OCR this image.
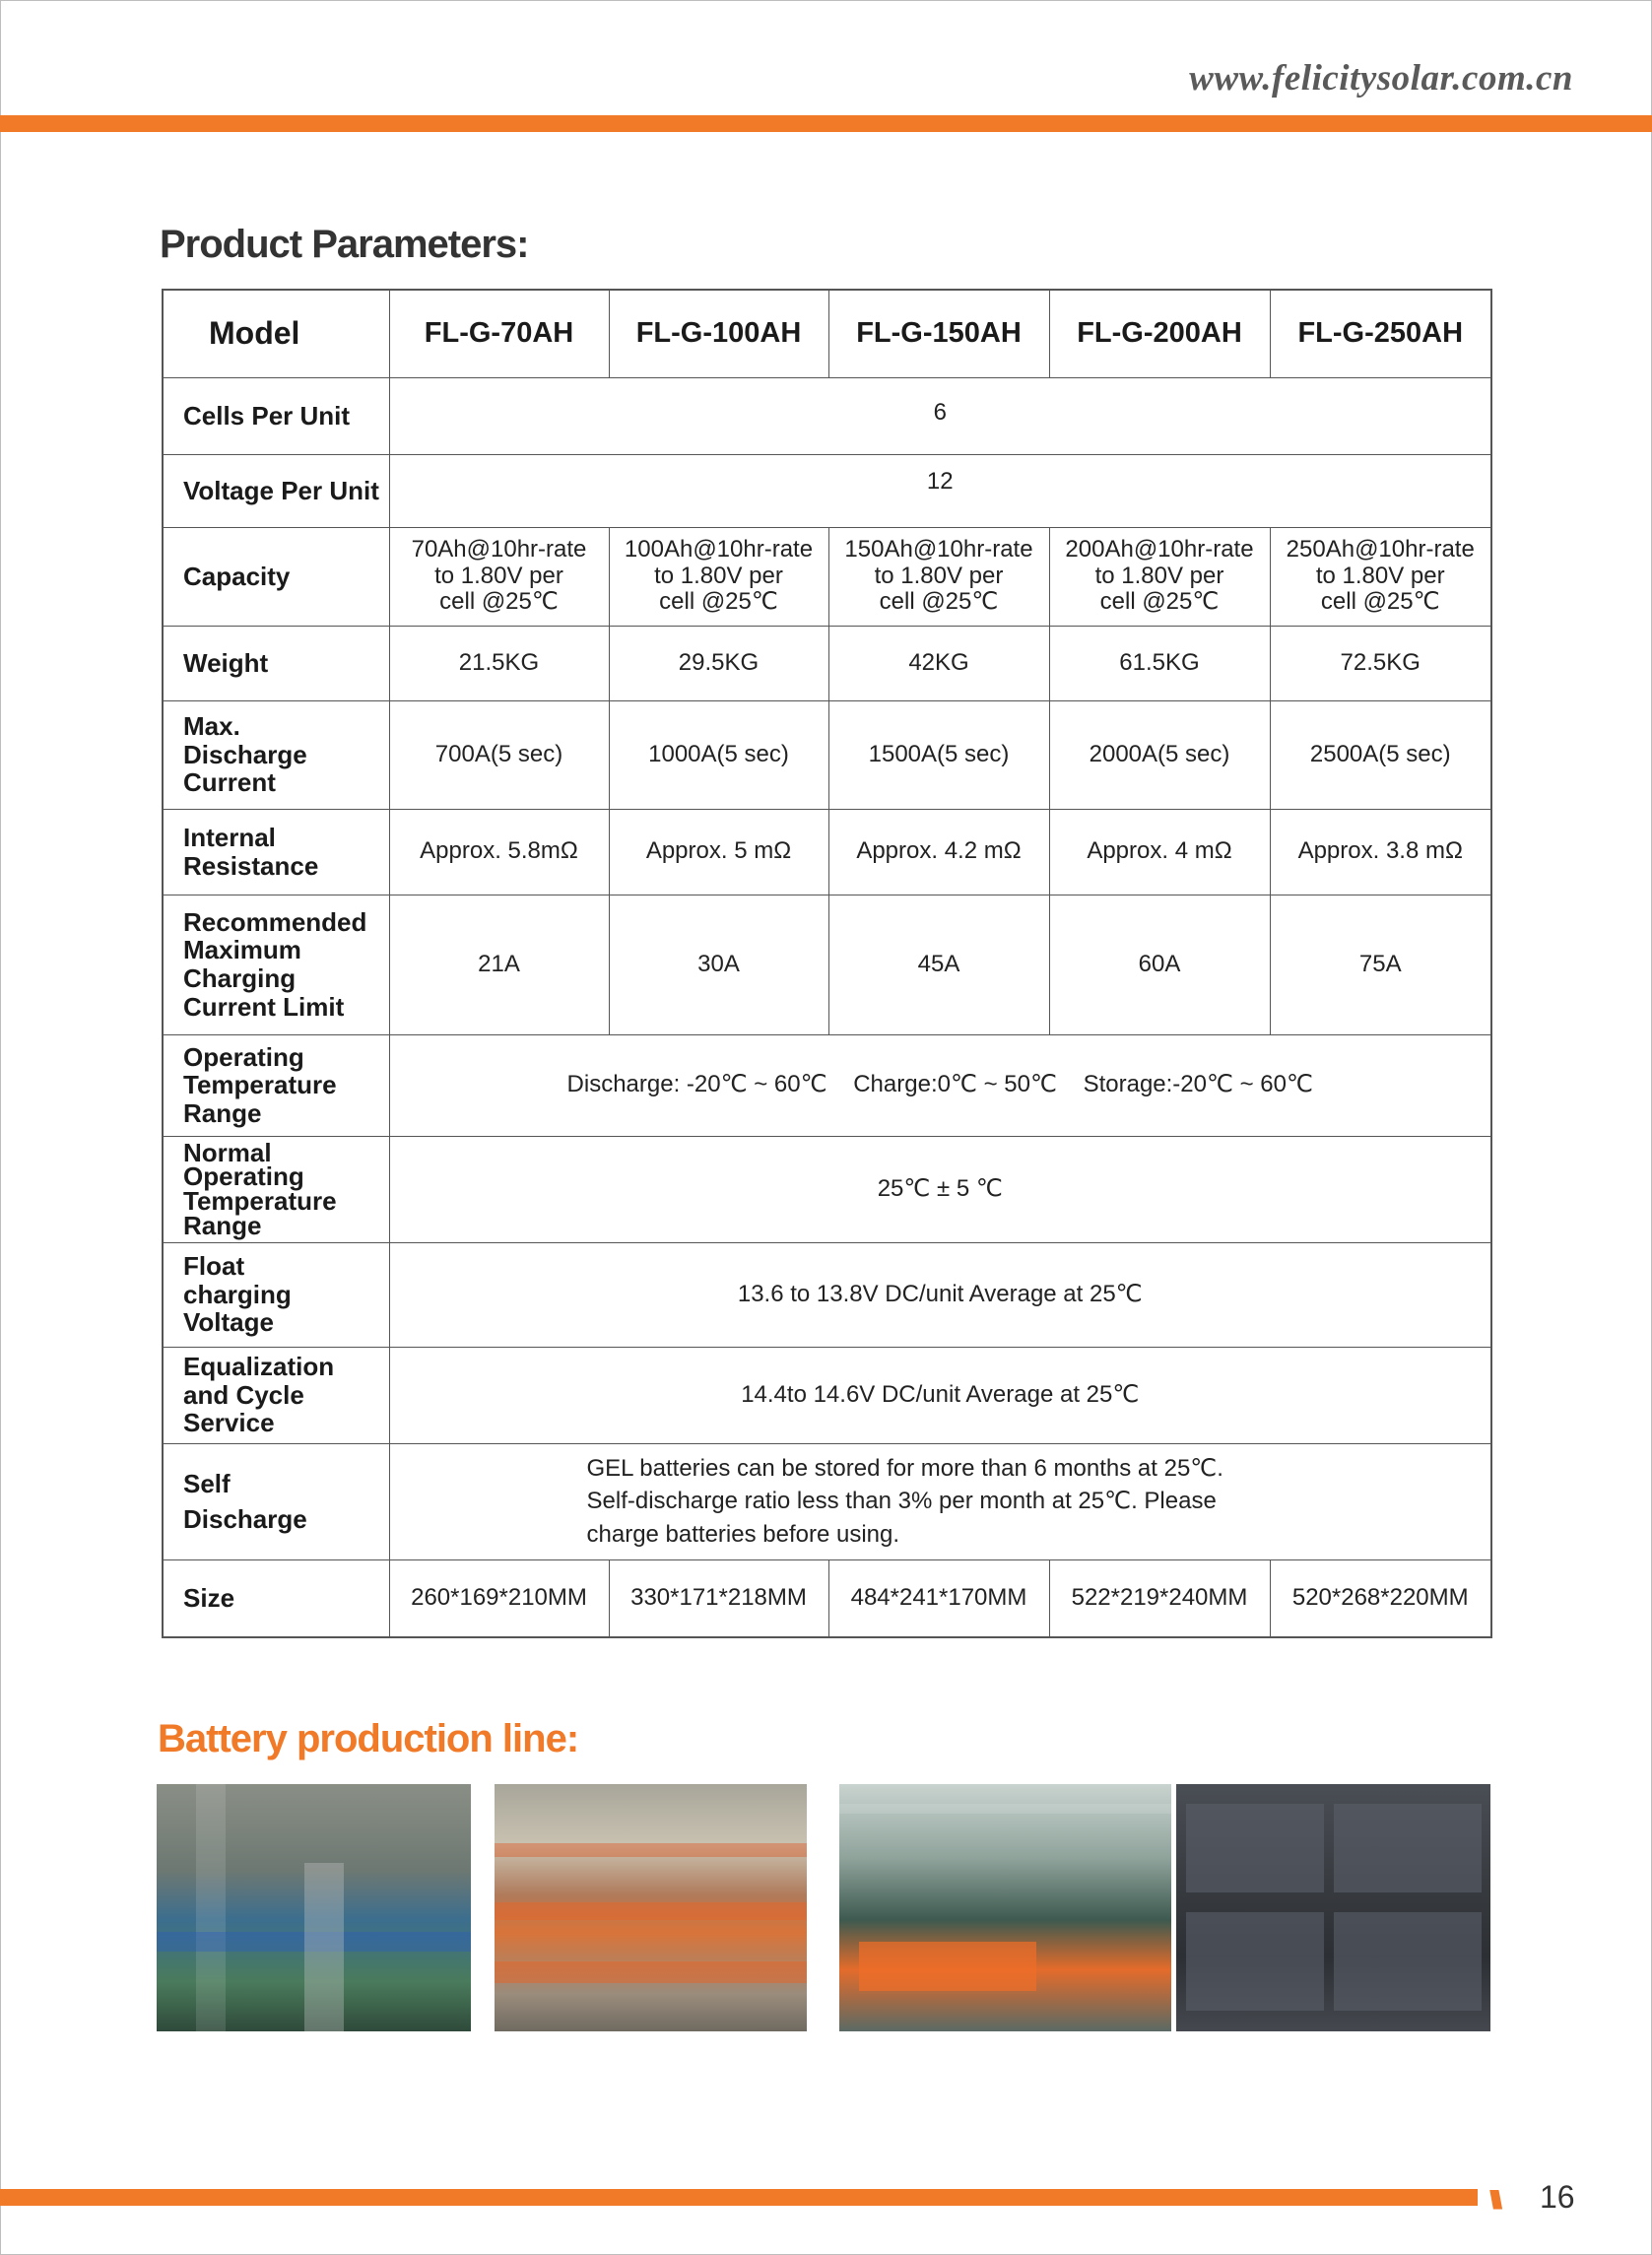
www.felicitysolar.com.cn
Product Parameters:
Model	FL-G-70AH	FL-G-100AH	FL-G-150AH	FL-G-200AH	FL-G-250AH
Cells Per Unit	6				
Voltage Per Unit	12				
Capacity	70Ah@10hr-rate
to 1.80V per
cell @25℃	100Ah@10hr-rate
to 1.80V per
cell @25℃	150Ah@10hr-rate
to 1.80V per
cell @25℃	200Ah@10hr-rate
to 1.80V per
cell @25℃	250Ah@10hr-rate
to 1.80V per
cell @25℃
Weight	21.5KG	29.5KG	42KG	61.5KG	72.5KG
Max.
Discharge
Current	700A(5 sec)	1000A(5 sec)	1500A(5 sec)	2000A(5 sec)	2500A(5 sec)
Internal
Resistance	Approx. 5.8mΩ	Approx. 5 mΩ	Approx. 4.2 mΩ	Approx. 4 mΩ	Approx. 3.8 mΩ
Recommended
Maximum
Charging
Current Limit	21A	30A	45A	60A	75A
Operating
Temperature
Range	Discharge: -20℃ ~ 60℃    Charge:0℃ ~ 50℃    Storage:-20℃ ~ 60℃				
Normal
Operating
Temperature
Range	25℃ ± 5 ℃				
Float
charging
Voltage	13.6 to 13.8V DC/unit Average at 25℃				
Equalization
and Cycle
Service	14.4to 14.6V DC/unit Average at 25℃				
Self
Discharge	GEL batteries can be stored for more than 6 months at 25℃.
Self-discharge ratio less than 3% per month at 25℃. Please
charge batteries before using.				
Size	260*169*210MM	330*171*218MM	484*241*170MM	522*219*240MM	520*268*220MM
Battery production line:
\\\\\\ 16
